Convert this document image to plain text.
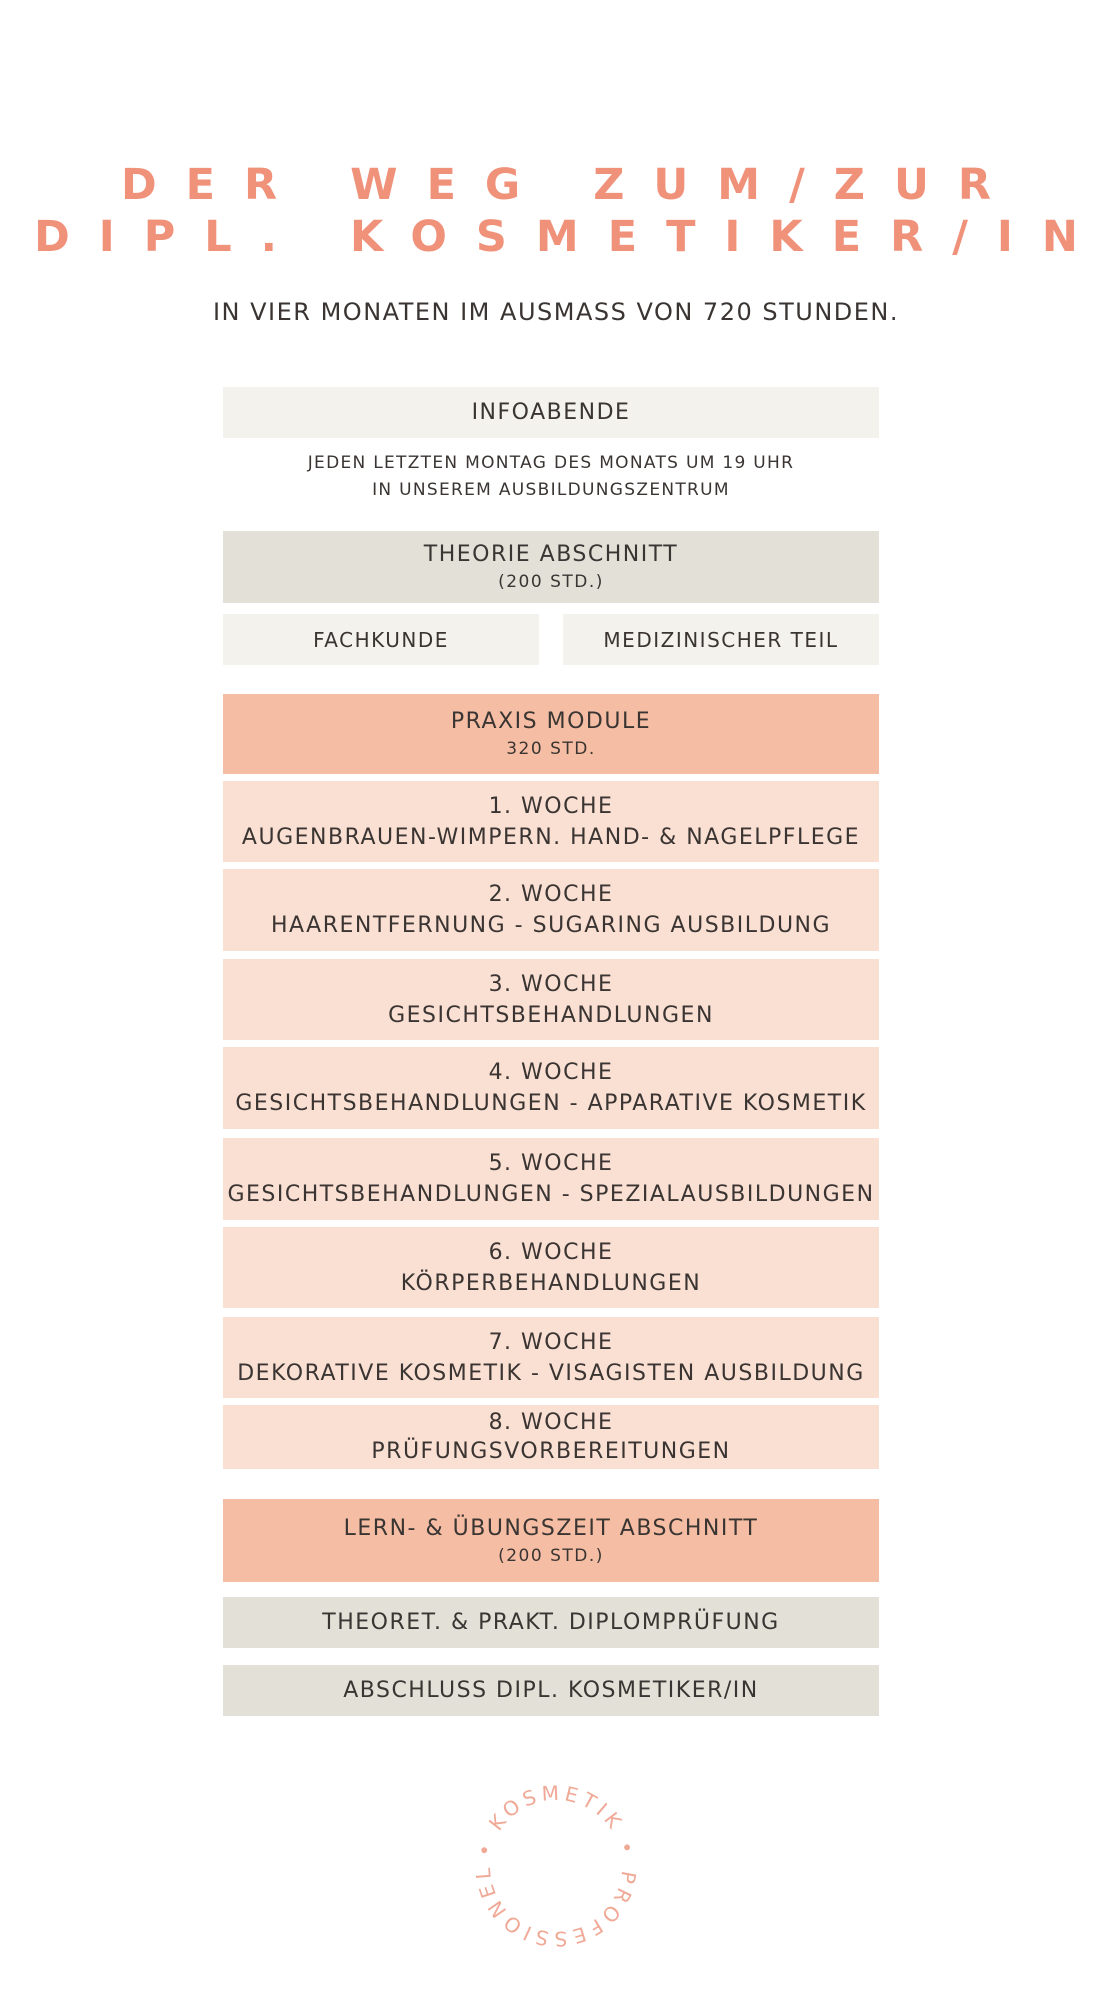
DER WEG ZUM/ZUR
DIPL. KOSMETIKER/IN
IN VIER MONATEN IM AUSMASS VON 720 STUNDEN.
INFOABENDE
JEDEN LETZTEN MONTAG DES MONATS UM 19 UHR
IN UNSEREM AUSBILDUNGSZENTRUM
THEORIE ABSCHNITT
(200 STD.)
FACHKUNDE	MEDIZINISCHER TEIL
PRAXIS MODULE
320 STD.
1. WOCHE
AUGENBRAUEN-WIMPERN. HAND- & NAGELPFLEGE
2. WOCHE
HAARENTFERNUNG - SUGARING AUSBILDUNG
3. WOCHE
GESICHTSBEHANDLUNGEN
4. WOCHE
GESICHTSBEHANDLUNGEN - APPARATIVE KOSMETIK
5. WOCHE
GESICHTSBEHANDLUNGEN - SPEZIALAUSBILDUNGEN
6. WOCHE
KÖRPERBEHANDLUNGEN
7. WOCHE
DEKORATIVE KOSMETIK - VISAGISTEN AUSBILDUNG
8. WOCHE
PRÜFUNGSVORBEREITUNGEN
LERN- & ÜBUNGSZEIT ABSCHNITT
(200 STD.)
THEORET. & PRAKT. DIPLOMPRÜFUNG
ABSCHLUSS DIPL. KOSMETIKER/IN
• KOSMETIK • PROFESSIONEL
